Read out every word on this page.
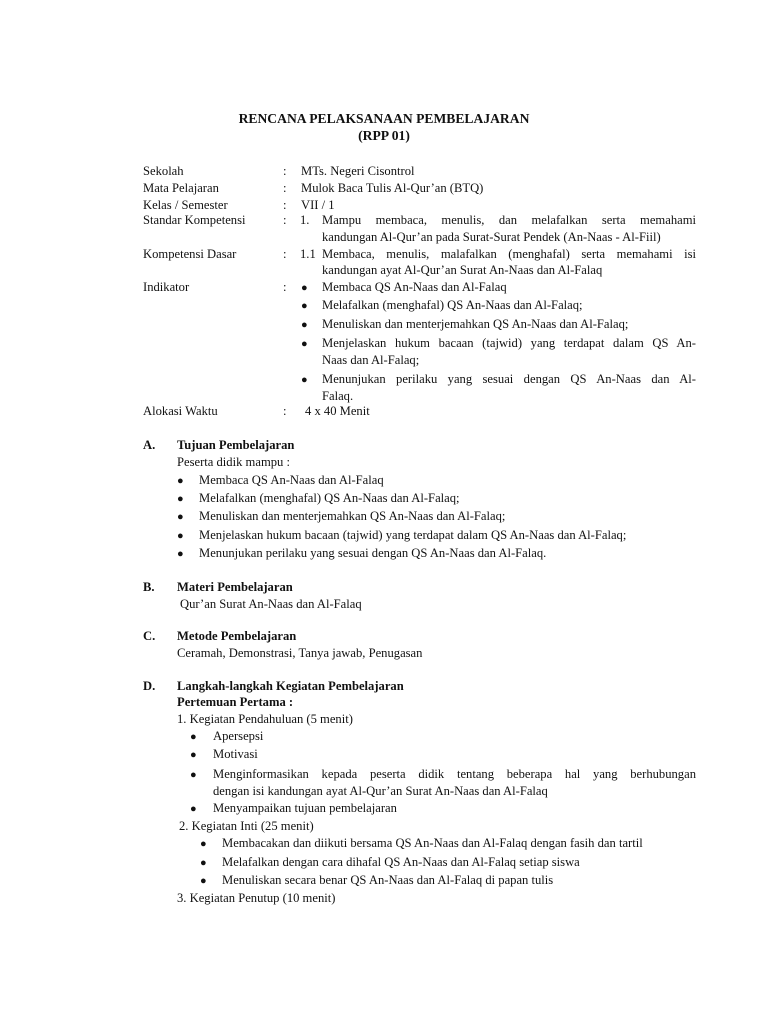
RENCANA PELAKSANAAN PEMBELAJARAN
(RPP 01)
Sekolah	: MTs. Negeri Cisontrol
Mata Pelajaran	: Mulok Baca Tulis Al-Qur’an (BTQ)
Kelas / Semester	: VII / 1
Standar Kompetensi	: 1. Mampu membaca, menulis, dan melafalkan serta memahami
kandungan Al-Qur’an pada Surat-Surat Pendek (An-Naas - Al-Fiil)
Kompetensi Dasar	: 1.1 Membaca, menulis, malafalkan (menghafal) serta memahami isi
kandungan ayat Al-Qur’an Surat An-Naas dan Al-Falaq
Indikator	: ● Membaca QS An-Naas dan Al-Falaq
● Melafalkan (menghafal) QS An-Naas dan Al-Falaq;
● Menuliskan dan menterjemahkan QS An-Naas dan Al-Falaq;
● Menjelaskan hukum bacaan (tajwid) yang terdapat dalam QS An-
Naas dan Al-Falaq;
● Menunjukan perilaku yang sesuai dengan QS An-Naas dan Al-
Falaq.
Alokasi Waktu	: 4 x 40 Menit
A. Tujuan Pembelajaran
Peserta didik mampu :
● Membaca QS An-Naas dan Al-Falaq
● Melafalkan (menghafal) QS An-Naas dan Al-Falaq;
● Menuliskan dan menterjemahkan QS An-Naas dan Al-Falaq;
● Menjelaskan hukum bacaan (tajwid) yang terdapat dalam QS An-Naas dan Al-Falaq;
● Menunjukan perilaku yang sesuai dengan QS An-Naas dan Al-Falaq.
B. Materi Pembelajaran
Qur’an Surat An-Naas dan Al-Falaq
C. Metode Pembelajaran
Ceramah, Demonstrasi, Tanya jawab, Penugasan
D. Langkah-langkah Kegiatan Pembelajaran
Pertemuan Pertama :
1. Kegiatan Pendahuluan (5 menit)
● Apersepsi
● Motivasi
● Menginformasikan kepada peserta didik tentang beberapa hal yang berhubungan
dengan isi kandungan ayat Al-Qur’an Surat An-Naas dan Al-Falaq
● Menyampaikan tujuan pembelajaran
2. Kegiatan Inti (25 menit)
● Membacakan dan diikuti bersama QS An-Naas dan Al-Falaq dengan fasih dan tartil
● Melafalkan dengan cara dihafal QS An-Naas dan Al-Falaq setiap siswa
● Menuliskan secara benar QS An-Naas dan Al-Falaq di papan tulis
3. Kegiatan Penutup (10 menit)
